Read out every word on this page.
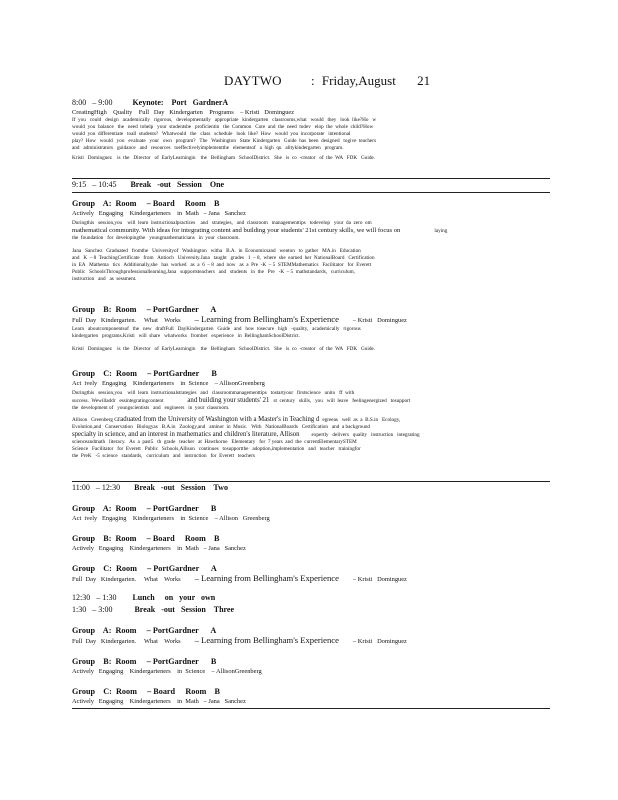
DAYTWO : Friday,August 21
8:00   – 9:00	Keynote:    Port   GardnerA
CreatingHigh    Quality    Full   Day   Kindergarten    Programs    – Kristi   Dominguez
If  you   could   design   academically   rigorous,   developmentally   appropriate   kindergarten   classrooms,what   would   they   look  like?Ho   w
would  you  balance   the   need  tohelp   your  studentsbe   proficientin   the  Common   Core  and  the  need  todev   elop  the  whole  child?How
would  you  differentiate   toall  students?   Whatwould   the   class   schedule   look  like?  How   would  you  incorporate   intentional
play?  How   would   you   evaluate   your   own   program?   The   Washington   State  Kindergarten   Guide  has  been  designed   togive  teachers
and   administrators   guidance   and   resources   toeffectivelyimplementthe   elementsof   a  high  qu   alitykindergarten   program.
Kristi   Dominguez    is  the   Director   of  EarlyLearningin    the   Bellingham   SchoolDistrict.   She   is  co  -creator   of  the  WA   FDK   Guide.
9:15   – 10:45 Break   -out   Session    One
Group    A:  Room     – Board     Room    B
Actively   Engaging    Kindergarteners    in  Math   – Jana   Sanchez
Duringthis   session,you    will  learn  instructionalpractices    and   strategies,   and  classroom   managementtips   todevelop   your  da  zero  om
mathematical community. With ideas for integrating content and building your students' 21st century skills, we will focus on	laying
the  foundation   for  developingthe   youngmathematicians   in  your  classroom.
Jana   Sanchez   Graduated   fromthe   Universityof   Washington   witha   B.A.  in  Economicsand   wenton   to  gather   MA.in   Education
and   K  – 8  TeachingCertificate   from   Antioch   University.Jana   taught   grades   1  – 8,  where  she  earned  her  NationalBoard   Certification
in  EA   Mathema   tics   Additionally,she   has  worked   as  a  6  – 8  and  now   as  a  Pre  -K  – 5  STEMMathematics   Facilitator   for  Everett
Public   SchoolsThroughprofessionallearning,Jana   supportsteachers   and   students   in  the   Pre   -K  – 5  mathstandards,   curriculum,
instruction   and   as  sessment.
Group    B:  Room     – PortGardner      A
Full  Day   Kindergarten.     What    Works – Learning from Bellingham's Experience – Kristi   Dominguez
Learn   aboutcomponentsof   the   new   draftFull   DayKindergarten   Guide   and   how  tosecure   high   -quality,   academically   rigorous
kindergarten   programs.Kristi   will  share   whatworks   fromher   experience   in  BellinghamSchoolDistrict.
Kristi   Dominguez    is  the   Director   of  EarlyLearningin    the   Bellingham   SchoolDistrict.   She   is  co  -creator   of  the  WA   FDK   Guide.
Group    C:  Room     – PortGardner      B
Act  ively   Engaging    Kindergarteners    in  Science    – AllisonGreenberg
Duringthis   session,you    will  learn  instructionalstrategies   and   classroommanagementtips   tostartyour   firstscience   unito   ff  with
success.  Wewilladdr   essintegratingcontent	and building your students' 21 st  century   skills,   you   will  leave   feelingenergized   tosupport
the  development of   youngscientists   and   engineers   in  your  classroom.
Allison   Greenberg Graduated from the University of Washington with a Master's in Teaching d egreeas   well  as  a  B.S.in   Ecology,
Evolution,and   Conservation   Biologyas   B.A.in   Zoology,and   aminor  in  Music.   With   NationalBoards   Certification   and  a background
specialty in science, and an interest in mathematics and children's literature, Allison expertly   delivers   quality   instruction   integrating
scienceandmath   literacy.   As  a  past5   th  grade   teacher   at  Hawthorne   Elementary   for  7 years  and  the  currentElementarySTEM
Science   Facilitator   for  Everett   Public   Schools,Allison   continues   tosupportthe   adoption,implementation   and   teacher   trainingfor
the  PreK   -5  science   standards,   curriculum   and   instruction   for  Everett   teachers
11:00   – 12:30 Break   -out   Session    Two
Group    A:  Room     – PortGardner      B
Act  ively   Engaging    Kindergarteners    in  Science    – Allison   Greenberg
Group    B:  Room     – Board     Room    B
Actively   Engaging    Kindergarteners    in  Math   – Jana   Sanchez
Group    C:  Room     – PortGardner      A
Full  Day   Kindergarten.     What    Works – Learning from Bellingham's Experience – Kristi   Dominguez
12:30   – 1:30 Lunch     on   your   own
1:30   – 3:00	Break   -out   Session    Three
Group    A:  Room     – PortGardner      A
Full  Day   Kindergarten.     What    Works – Learning from Bellingham's Experience – Kristi   Dominguez
Group    B:  Room     – PortGardner      B
Actively   Engaging    Kindergarteners    in  Science    – AllisonGreenberg
Group    C:  Room     – Board     Room    B
Actively   Engaging    Kindergarteners    in  Math   – Jana   Sanchez
